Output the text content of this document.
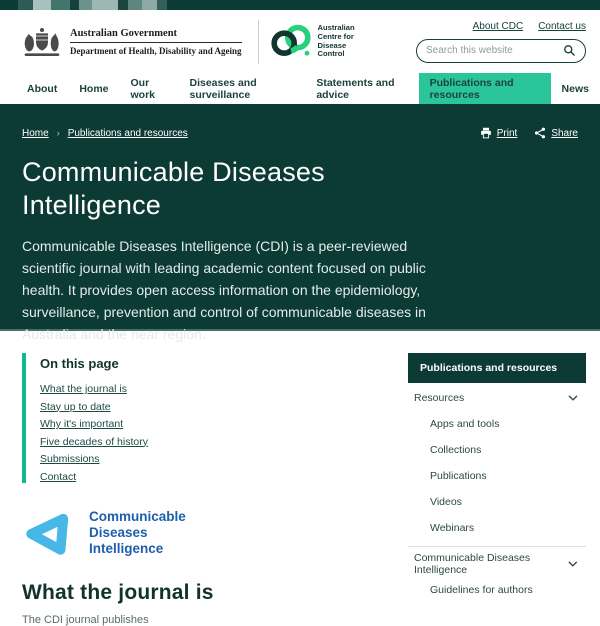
Australian Government
Department of Health, Disability and Ageing
Australian
Centre for
Disease
Control
About CDC Contact us
Search this website
About	Home	Our work
Diseases and surveillance
Statements and advice
Publications and resources	News
Home › Publications and resources	Print	Share
Communicable Diseases Intelligence

Communicable Diseases Intelligence (CDI) is a peer-reviewed scientific journal with leading academic content focused on public health. It provides open access information on the epidemiology, surveillance, prevention and control of communicable diseases in Australia and the near region.

On this page
What the journal is
Stay up to date
Why it's important
Five decades of history
Submissions
Contact
Communicable
Diseases
Intelligence
What the journal is

The CDI journal publishes

Publications and resources
Resources
Apps and tools
Collections
Publications
Videos
Webinars
Communicable Diseases Intelligence
Guidelines for authors
